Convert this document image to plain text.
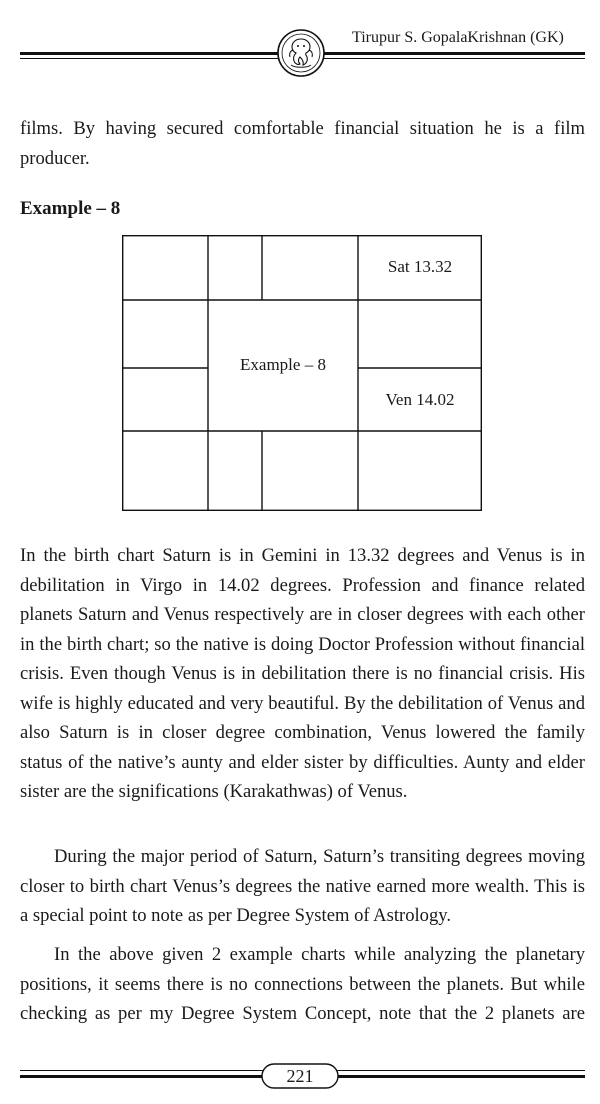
Tirupur S. GopalaKrishnan (GK)

films. By having secured comfortable financial situation he is a film producer.

Example – 8

Sat 13.32
Example – 8
Ven 14.02

In the birth chart Saturn is in Gemini in 13.32 degrees and Venus is in debilitation in Virgo in 14.02 degrees. Profession and finance related planets Saturn and Venus respectively are in closer degrees with each other in the birth chart; so the native is doing Doctor Profession without financial crisis. Even though Venus is in debilitation there is no financial crisis. His wife is highly educated and very beautiful. By the debilitation of Venus and also Saturn is in closer degree combination, Venus lowered the family status of the native’s aunty and elder sister by difficulties. Aunty and elder sister are the significations (Karakathwas) of Venus.

During the major period of Saturn, Saturn’s transiting degrees moving closer to birth chart Venus’s degrees the native earned more wealth. This is a special point to note as per Degree System of Astrology.

In the above given 2 example charts while analyzing the planetary positions, it seems there is no connections between the planets. But while checking as per my Degree System Concept, note that the 2 planets are

221
